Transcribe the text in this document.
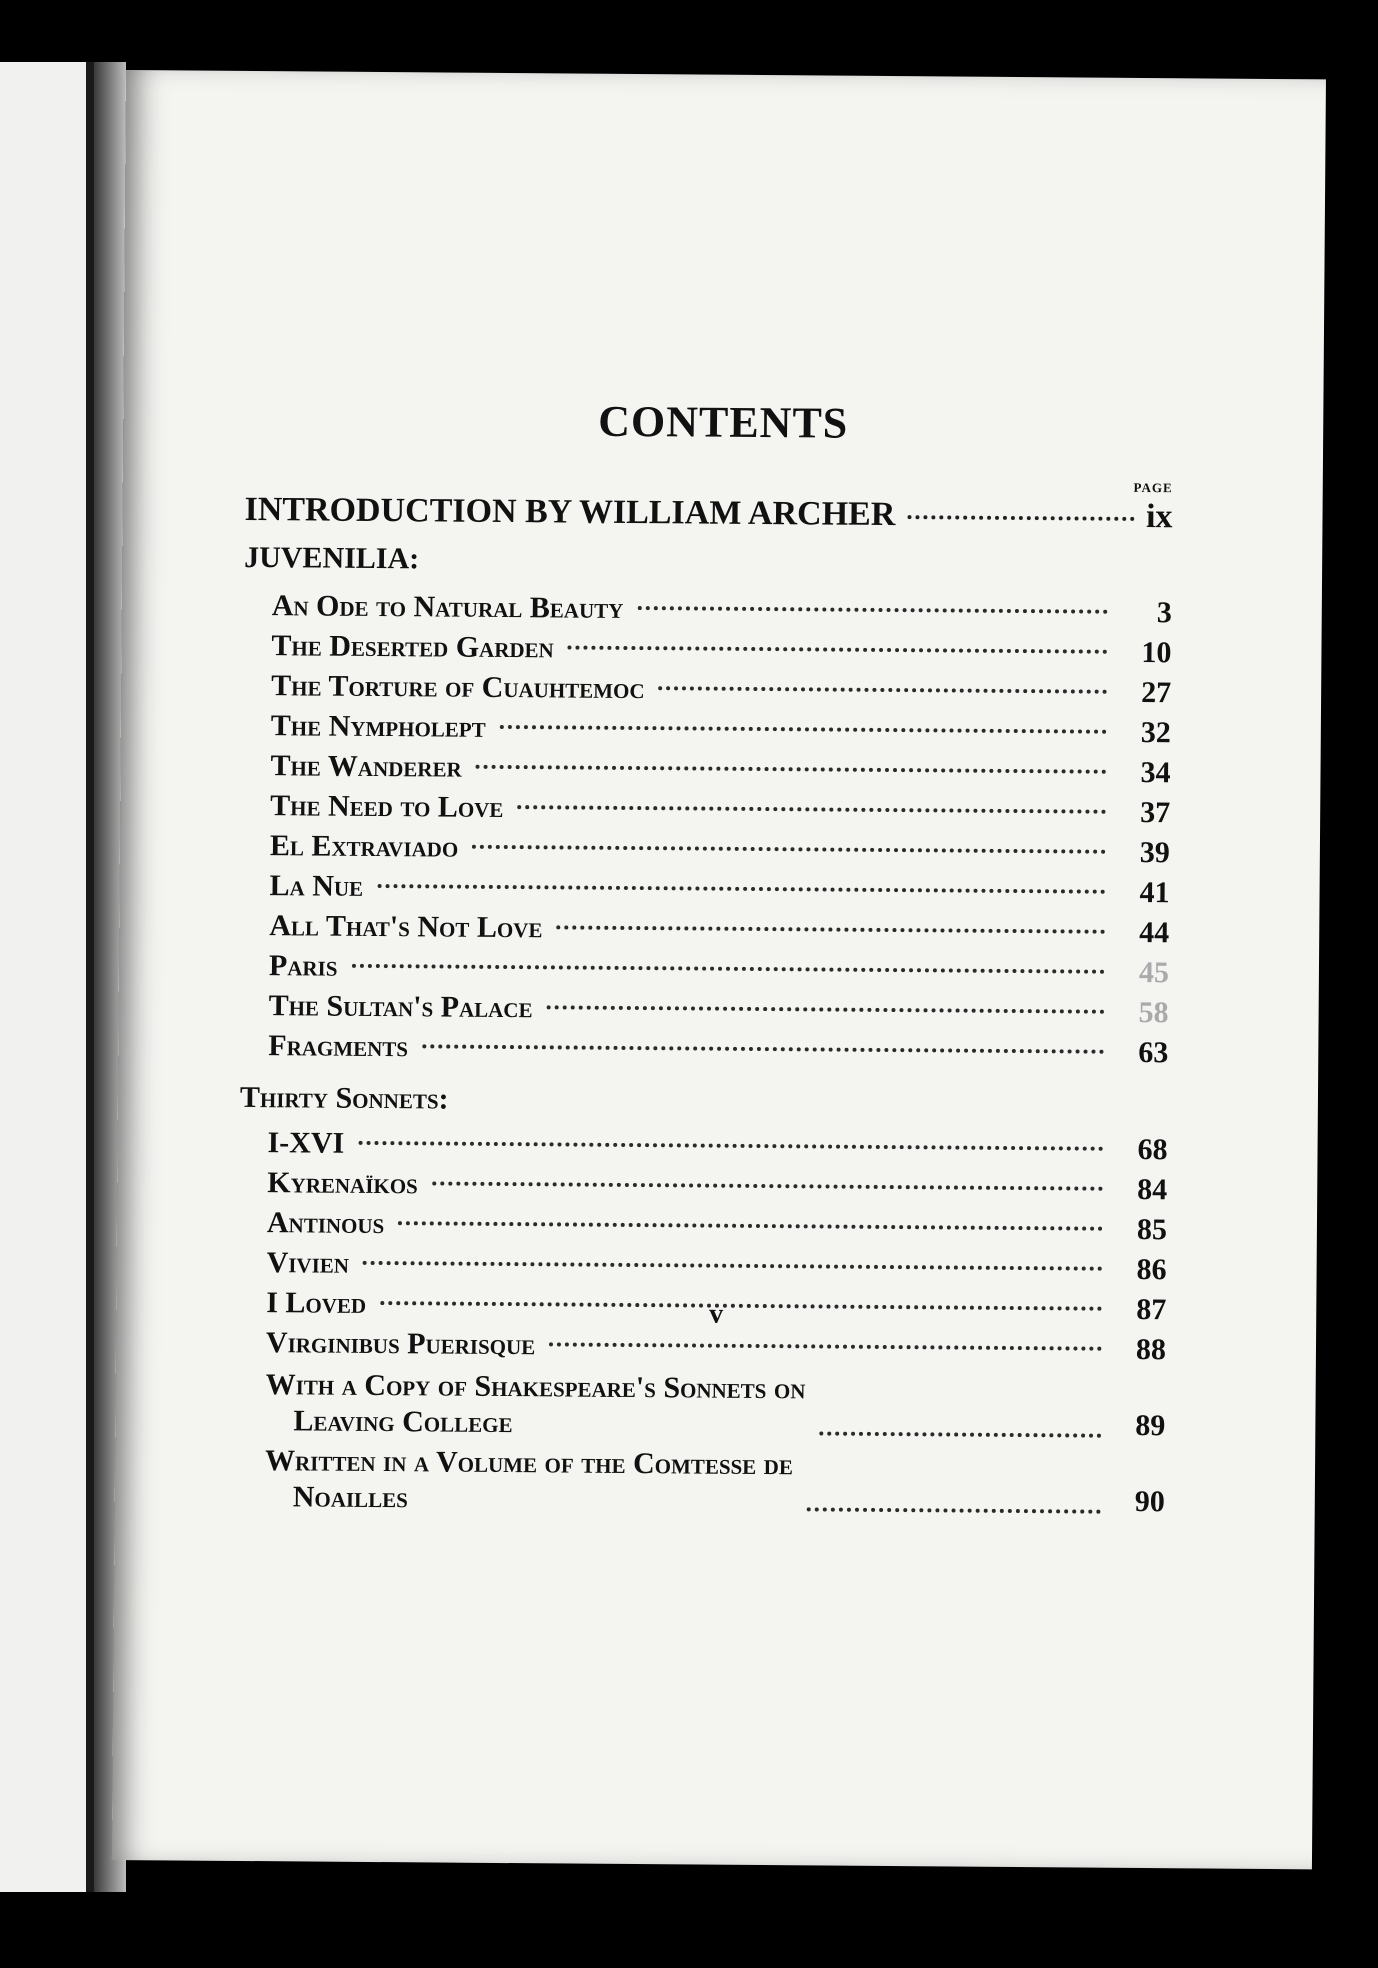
CONTENTS
PAGE
INTRODUCTION BY WILLIAM ARCHER	ix
JUVENILIA:
An Ode to Natural Beauty	3
The Deserted Garden	10
The Torture of Cuauhtemoc	27
The Nympholept	32
The Wanderer	34
The Need to Love	37
El Extraviado	39
La Nue	41
All That's Not Love	44
Paris	45
The Sultan's Palace	58
Fragments	63
Thirty Sonnets:
I-XVI	68
Kyrenaïkos	84
Antinous	85
Vivien	86
I Loved	87
Virginibus Puerisque	88
With a Copy of Shakespeare's Sonnets on
Leaving College	89
Written in a Volume of the Comtesse de
Noailles	90
v
